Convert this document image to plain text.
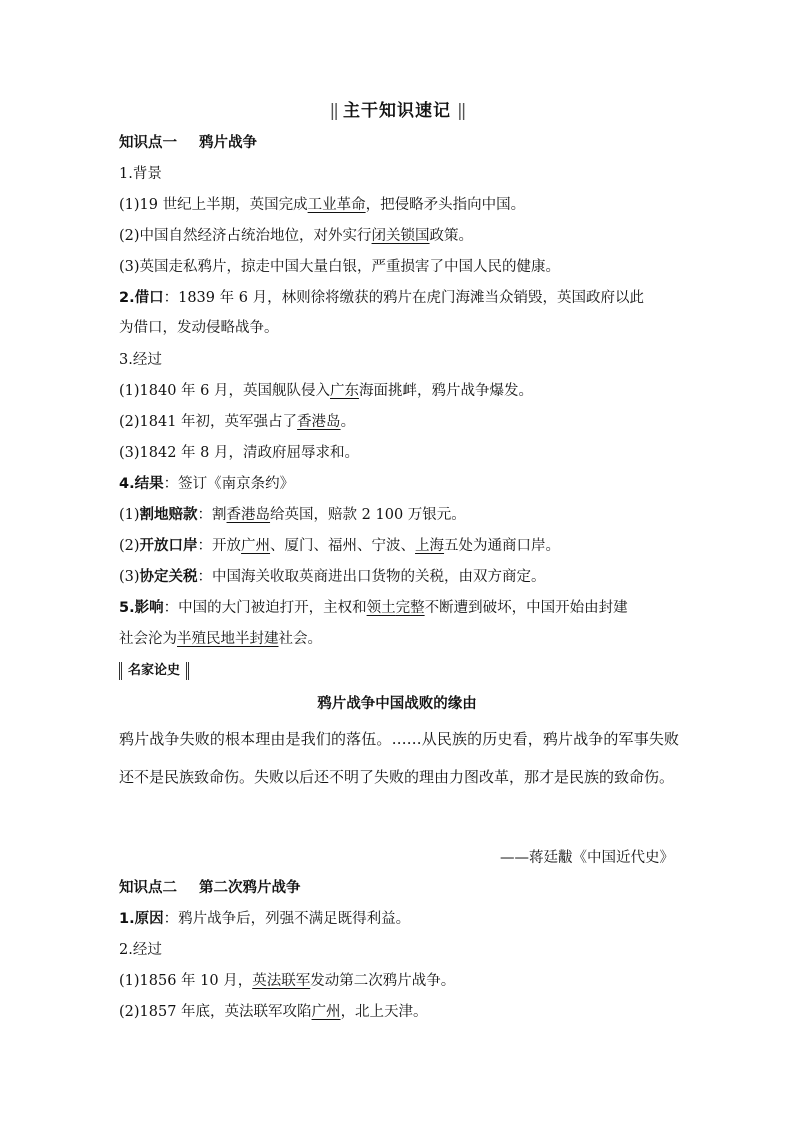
|| 主干知识速记 ||
知识点一 鸦片战争
1.背景
(1)19 世纪上半期，英国完成工业革命，把侵略矛头指向中国。
(2)中国自然经济占统治地位，对外实行闭关锁国政策。
(3)英国走私鸦片，掠走中国大量白银，严重损害了中国人民的健康。
2.借口：1839 年 6 月，林则徐将缴获的鸦片在虎门海滩当众销毁，英国政府以此
为借口，发动侵略战争。
3.经过
(1)1840 年 6 月，英国舰队侵入广东海面挑衅，鸦片战争爆发。
(2)1841 年初，英军强占了香港岛。
(3)1842 年 8 月，清政府屈辱求和。
4.结果：签订《南京条约》
(1)割地赔款：割香港岛给英国，赔款 2 100 万银元。
(2)开放口岸：开放广州、厦门、福州、宁波、上海五处为通商口岸。
(3)协定关税：中国海关收取英商进出口货物的关税，由双方商定。
5.影响：中国的大门被迫打开，主权和领土完整不断遭到破坏，中国开始由封建
社会沦为半殖民地半封建社会。
名家论史
鸦片战争中国战败的缘由
鸦片战争失败的根本理由是我们的落伍。……从民族的历史看，鸦片战争的军事失败还不是民族致命伤。失败以后还不明了失败的理由力图改革，那才是民族的致命伤。
——蒋廷黻《中国近代史》
知识点二 第二次鸦片战争
1.原因：鸦片战争后，列强不满足既得利益。
2.经过
(1)1856 年 10 月，英法联军发动第二次鸦片战争。
(2)1857 年底，英法联军攻陷广州，北上天津。
